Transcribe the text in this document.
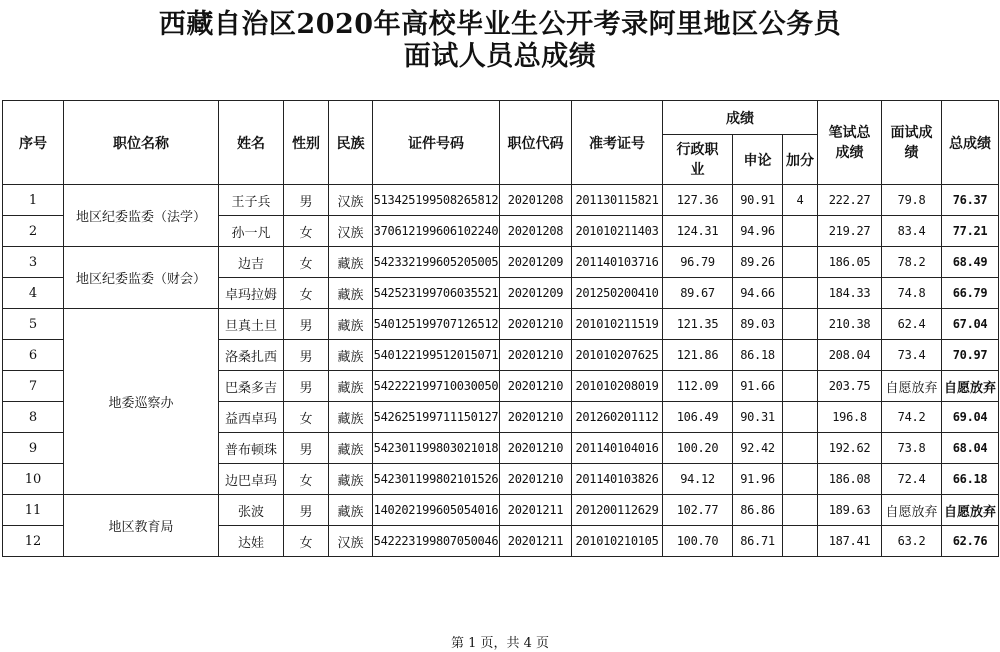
西藏自治区2020年高校毕业生公开考录阿里地区公务员
面试人员总成绩
序号	职位名称	姓名	性别	民族	证件号码	职位代码	准考证号	成绩			笔试总成绩	面试成绩	总成绩
								行政职业	申论	加分			
1	地区纪委监委（法学）	王子兵	男	汉族	513425199508265812	20201208	201130115821	127.36	90.91	4	222.27	79.8	76.37
2		孙一凡	女	汉族	370612199606102240	20201208	201010211403	124.31	94.96		219.27	83.4	77.21
3	地区纪委监委（财会）	边吉	女	藏族	542332199605205005	20201209	201140103716	96.79	89.26		186.05	78.2	68.49
4		卓玛拉姆	女	藏族	542523199706035521	20201209	201250200410	89.67	94.66		184.33	74.8	66.79
5	地委巡察办	旦真土旦	男	藏族	540125199707126512	20201210	201010211519	121.35	89.03		210.38	62.4	67.04
6		洛桑扎西	男	藏族	540122199512015071	20201210	201010207625	121.86	86.18		208.04	73.4	70.97
7		巴桑多吉	男	藏族	542222199710030050	20201210	201010208019	112.09	91.66		203.75	自愿放弃	自愿放弃
8		益西卓玛	女	藏族	542625199711150127	20201210	201260201112	106.49	90.31		196.8	74.2	69.04
9		普布顿珠	男	藏族	542301199803021018	20201210	201140104016	100.20	92.42		192.62	73.8	68.04
10		边巴卓玛	女	藏族	542301199802101526	20201210	201140103826	94.12	91.96		186.08	72.4	66.18
11	地区教育局	张波	男	藏族	140202199605054016	20201211	201200112629	102.77	86.86		189.63	自愿放弃	自愿放弃
12		达娃	女	汉族	542223199807050046	20201211	201010210105	100.70	86.71		187.41	63.2	62.76
第 1 页，共 4 页
